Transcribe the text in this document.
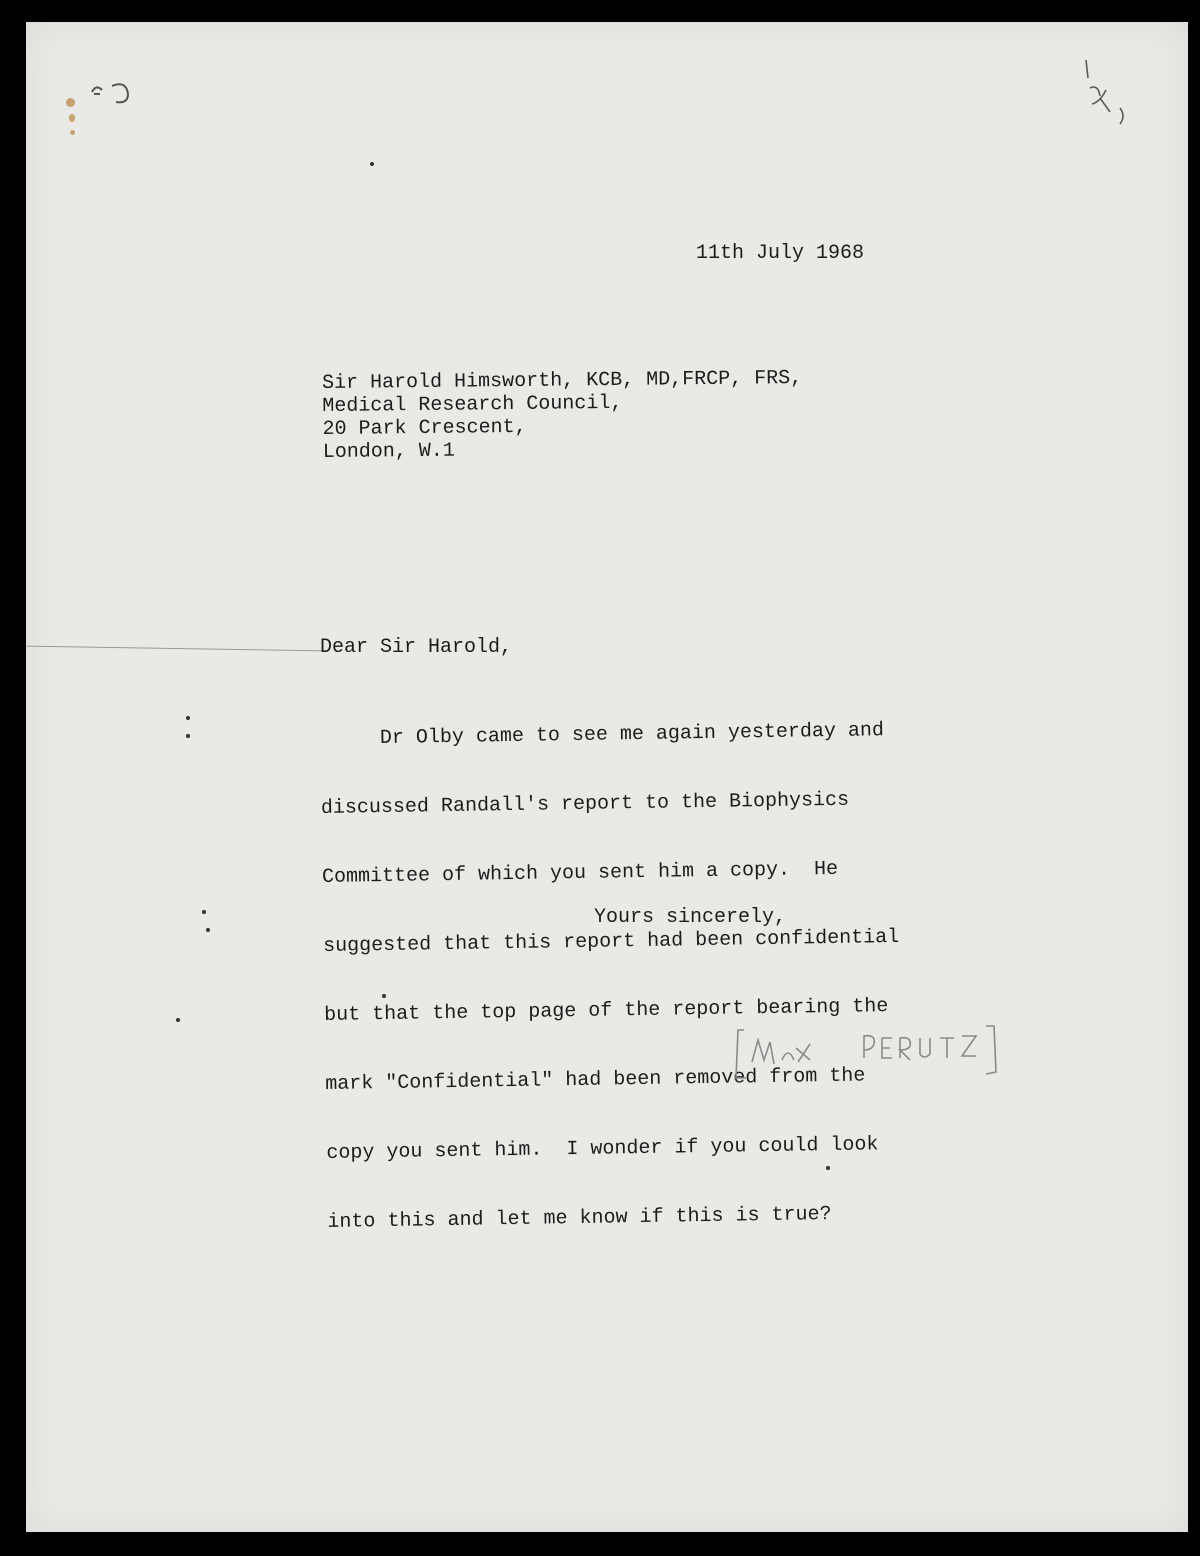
11th July 1968
Sir Harold Himsworth, KCB, MD,FRCP, FRS,
Medical Research Council,
20 Park Crescent,
London, W.1
Dear Sir Harold,

Dr Olby came to see me again yesterday and

discussed Randall's report to the Biophysics

Committee of which you sent him a copy.  He

suggested that this report had been confidential

but that the top page of the report bearing the

mark "Confidential" had been removed from the

copy you sent him.  I wonder if you could look

into this and let me know if this is true?

Yours sincerely,
